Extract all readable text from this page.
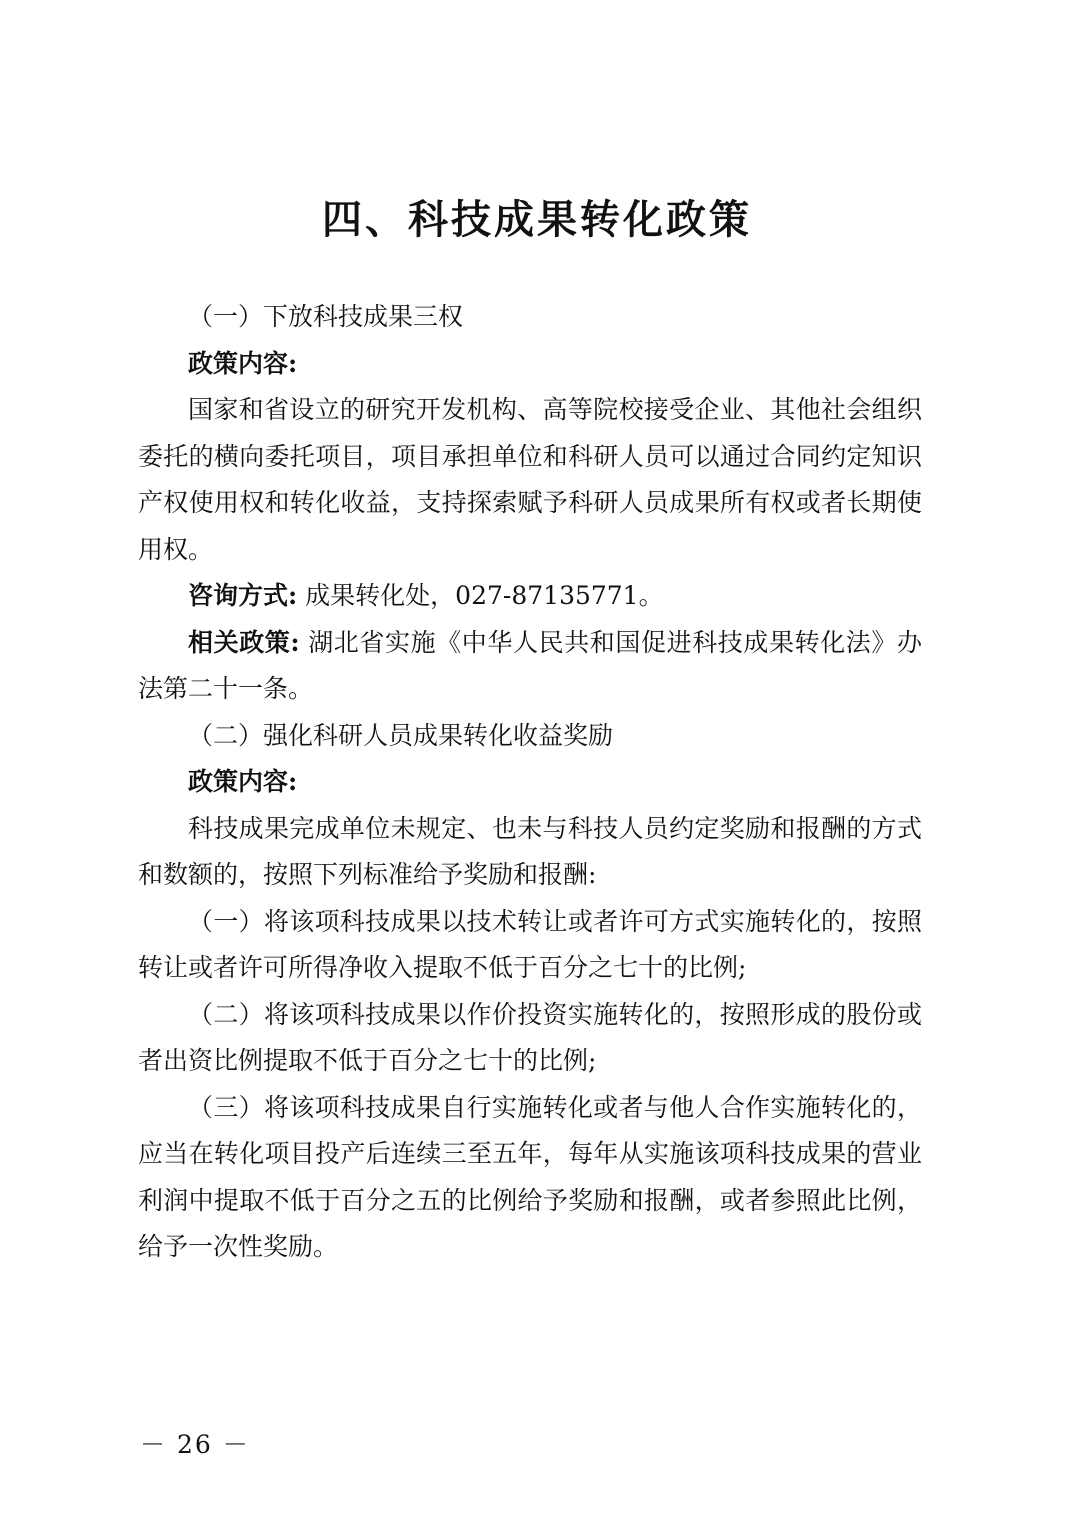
四、科技成果转化政策

（一）下放科技成果三权

政策内容:

国家和省设立的研究开发机构、高等院校接受企业、其他社会组织委托的横向委托项目，项目承担单位和科研人员可以通过合同约定知识产权使用权和转化收益，支持探索赋予科研人员成果所有权或者长期使用权。

咨询方式: 成果转化处，027-87135771。

相关政策: 湖北省实施《中华人民共和国促进科技成果转化法》办法第二十一条。

（二）强化科研人员成果转化收益奖励

政策内容:

科技成果完成单位未规定、也未与科技人员约定奖励和报酬的方式和数额的，按照下列标准给予奖励和报酬:

（一）将该项科技成果以技术转让或者许可方式实施转化的，按照转让或者许可所得净收入提取不低于百分之七十的比例;

（二）将该项科技成果以作价投资实施转化的，按照形成的股份或者出资比例提取不低于百分之七十的比例;

（三）将该项科技成果自行实施转化或者与他人合作实施转化的，应当在转化项目投产后连续三至五年，每年从实施该项科技成果的营业利润中提取不低于百分之五的比例给予奖励和报酬，或者参照此比例，给予一次性奖励。

－ 26 －
